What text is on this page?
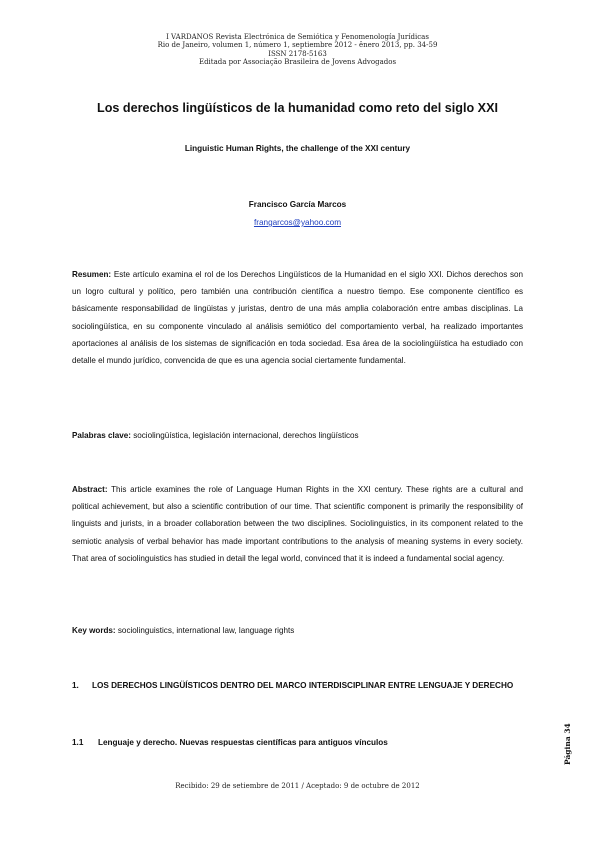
I VARDANOS Revista Electrónica de Semiótica y Fenomenología Jurídicas
Rio de Janeiro, volumen 1, número 1, septiembre 2012 - ênero 2013, pp. 34-59
ISSN 2178-5163
Editada por Associação Brasileira de Jovens Advogados
Los derechos lingüísticos de la humanidad como reto del siglo XXI
Linguistic Human Rights, the challenge of the XXI century
Francisco García Marcos
frangarcos@yahoo.com
Resumen: Este artículo examina el rol de los Derechos Lingüísticos de la Humanidad en el siglo XXI. Dichos derechos son un logro cultural y político, pero también una contribución científica a nuestro tiempo. Ese componente científico es básicamente responsabilidad de lingüistas y juristas, dentro de una más amplia colaboración entre ambas disciplinas. La sociolingüística, en su componente vinculado al análisis semiótico del comportamiento verbal, ha realizado importantes aportaciones al análisis de los sistemas de significación en toda sociedad. Esa área de la sociolingüística ha estudiado con detalle el mundo jurídico, convencida de que es una agencia social ciertamente fundamental.
Palabras clave: sociolingüística, legislación internacional, derechos lingüísticos
Abstract: This article examines the role of Language Human Rights in the XXI century. These rights are a cultural and political achievement, but also a scientific contribution of our time. That scientific component is primarily the responsibility of linguists and jurists, in a broader collaboration between the two disciplines. Sociolinguistics, in its component related to the semiotic analysis of verbal behavior has made important contributions to the analysis of meaning systems in every society. That area of sociolinguistics has studied in detail the legal world, convinced that it is indeed a fundamental social agency.
Key words: sociolinguistics, international law, language rights
1. LOS DERECHOS LINGÜÍSTICOS DENTRO DEL MARCO INTERDISCIPLINAR ENTRE LENGUAJE Y DERECHO
1.1 Lenguaje y derecho. Nuevas respuestas científicas para antiguos vínculos
Recibido: 29 de setiembre de 2011 / Aceptado: 9 de octubre de 2012
Página 34
